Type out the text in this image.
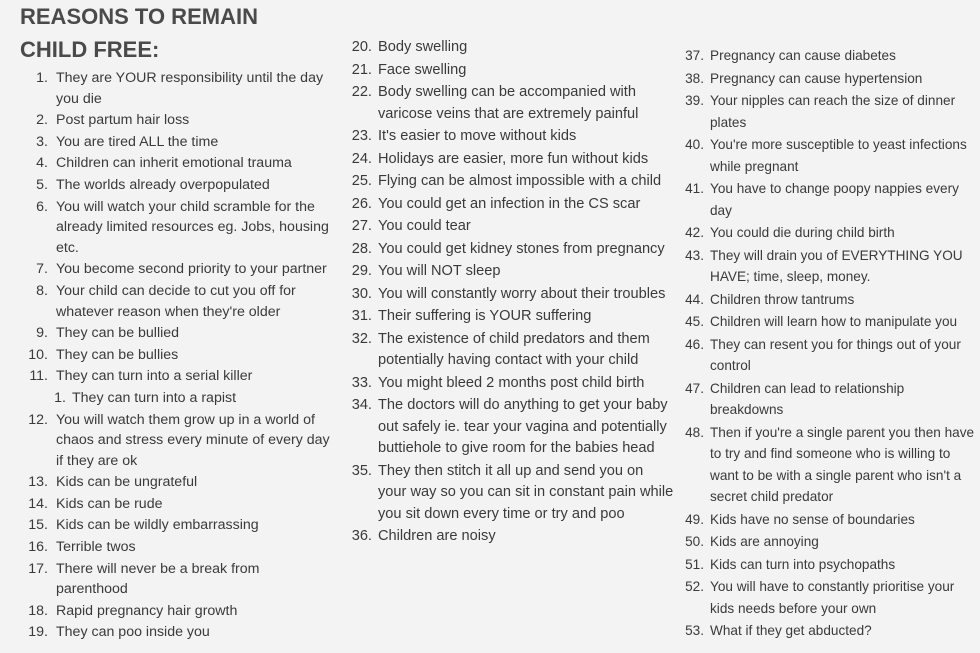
REASONS TO REMAIN
CHILD FREE:
1. They are YOUR responsibility until the day you die
2. Post partum hair loss
3. You are tired ALL the time
4. Children can inherit emotional trauma
5. The worlds already overpopulated
6. You will watch your child scramble for the already limited resources eg. Jobs, housing etc.
7. You become second priority to your partner
8. Your child can decide to cut you off for whatever reason when they're older
9. They can be bullied
10. They can be bullies
11. They can turn into a serial killer
1. They can turn into a rapist
12. You will watch them grow up in a world of chaos and stress every minute of every day if they are ok
13. Kids can be ungrateful
14. Kids can be rude
15. Kids can be wildly embarrassing
16. Terrible twos
17. There will never be a break from parenthood
18. Rapid pregnancy hair growth
19. They can poo inside you
20. Body swelling
21. Face swelling
22. Body swelling can be accompanied with varicose veins that are extremely painful
23. It's easier to move without kids
24. Holidays are easier, more fun without kids
25. Flying can be almost impossible with a child
26. You could get an infection in the CS scar
27. You could tear
28. You could get kidney stones from pregnancy
29. You will NOT sleep
30. You will constantly worry about their troubles
31. Their suffering is YOUR suffering
32. The existence of child predators and them potentially having contact with your child
33. You might bleed 2 months post child birth
34. The doctors will do anything to get your baby out safely ie. tear your vagina and potentially buttiehole to give room for the babies head
35. They then stitch it all up and send you on your way so you can sit in constant pain while you sit down every time or try and poo
36. Children are noisy
37. Pregnancy can cause diabetes
38. Pregnancy can cause hypertension
39. Your nipples can reach the size of dinner plates
40. You're more susceptible to yeast infections while pregnant
41. You have to change poopy nappies every day
42. You could die during child birth
43. They will drain you of EVERYTHING YOU HAVE; time, sleep, money.
44. Children throw tantrums
45. Children will learn how to manipulate you
46. They can resent you for things out of your control
47. Children can lead to relationship breakdowns
48. Then if you're a single parent you then have to try and find someone who is willing to want to be with a single parent who isn't a secret child predator
49. Kids have no sense of boundaries
50. Kids are annoying
51. Kids can turn into psychopaths
52. You will have to constantly prioritise your kids needs before your own
53. What if they get abducted?
